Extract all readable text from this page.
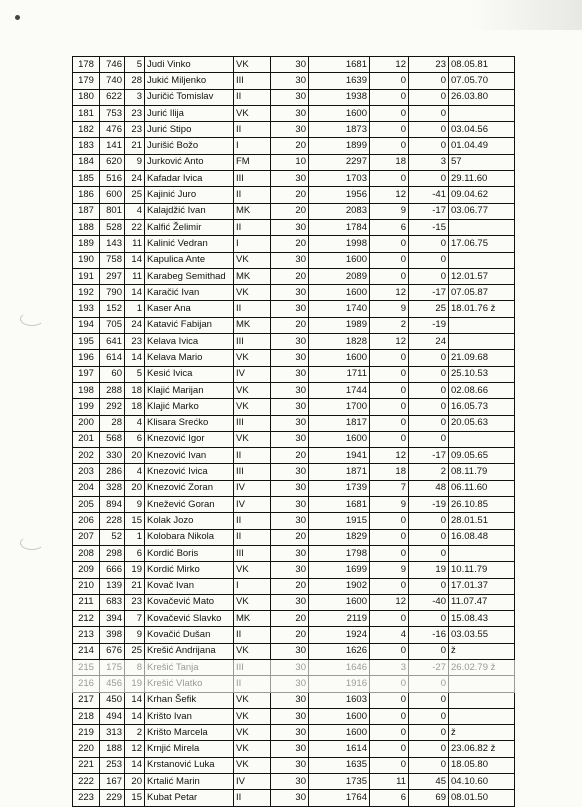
178	746	5	Judi Vinko	VK	30	1681	12	23	08.05.81
179	740	28	Jukić Miljenko	III	30	1639	0	0	07.05.70
180	622	3	Juričić Tomislav	II	30	1938	0	0	26.03.80
181	753	23	Jurić Ilija	VK	30	1600	0	0	
182	476	23	Jurić Stipo	II	30	1873	0	0	03.04.56
183	141	21	Jurišić Božo	I	20	1899	0	0	01.04.49
184	620	9	Jurković Anto	FM	10	2297	18	3	57
185	516	24	Kafadar Ivica	III	30	1703	0	0	29.11.60
186	600	25	Kajinić Juro	II	20	1956	12	-41	09.04.62
187	801	4	Kalajdžić Ivan	MK	20	2083	9	-17	03.06.77
188	528	22	Kalfić Želimir	II	30	1784	6	-15	
189	143	11	Kalinić Vedran	I	20	1998	0	0	17.06.75
190	758	14	Kapulica Ante	VK	30	1600	0	0	
191	297	11	Karabeg Semithad	MK	20	2089	0	0	12.01.57
192	790	14	Karačić Ivan	VK	30	1600	12	-17	07.05.87
193	152	1	Kaser Ana	II	30	1740	9	25	18.01.76 ž
194	705	24	Katavić Fabijan	MK	20	1989	2	-19	
195	641	23	Kelava Ivica	III	30	1828	12	24	
196	614	14	Kelava Mario	VK	30	1600	0	0	21.09.68
197	60	5	Kesić Ivica	IV	30	1711	0	0	25.10.53
198	288	18	Klajić Marijan	VK	30	1744	0	0	02.08.66
199	292	18	Klajić Marko	VK	30	1700	0	0	16.05.73
200	28	4	Klisara Srećko	III	30	1817	0	0	20.05.63
201	568	6	Knezović Igor	VK	30	1600	0	0	
202	330	20	Knezović Ivan	II	20	1941	12	-17	09.05.65
203	286	4	Knezović Ivica	III	30	1871	18	2	08.11.79
204	328	20	Knezović Zoran	IV	30	1739	7	48	06.11.60
205	894	9	Knežević Goran	IV	30	1681	9	-19	26.10.85
206	228	15	Kolak Jozo	II	30	1915	0	0	28.01.51
207	52	1	Kolobara Nikola	II	20	1829	0	0	16.08.48
208	298	6	Kordić Boris	III	30	1798	0	0	
209	666	19	Kordić Mirko	VK	30	1699	9	19	10.11.79
210	139	21	Kovač Ivan	I	20	1902	0	0	17.01.37
211	683	23	Kovačević Mato	VK	30	1600	12	-40	11.07.47
212	394	7	Kovačević Slavko	MK	20	2119	0	0	15.08.43
213	398	9	Kovačić Dušan	II	20	1924	4	-16	03.03.55
214	676	25	Krešić Andrijana	VK	30	1626	0	0	ž
215	175	8	Krešić Tanja	III	30	1646	3	-27	26.02.79 ž
216	456	19	Krešić Vlatko	II	30	1916	0	0	
217	450	14	Krhan Šefik	VK	30	1603	0	0	
218	494	14	Krišto Ivan	VK	30	1600	0	0	
219	313	2	Krišto Marcela	VK	30	1600	0	0	ž
220	188	12	Krnjić Mirela	VK	30	1614	0	0	23.06.82 ž
221	253	14	Krstanović Luka	VK	30	1635	0	0	18.05.80
222	167	20	Krtalić Marin	IV	30	1735	11	45	04.10.60
223	229	15	Kubat Petar	II	30	1764	6	69	08.01.50
